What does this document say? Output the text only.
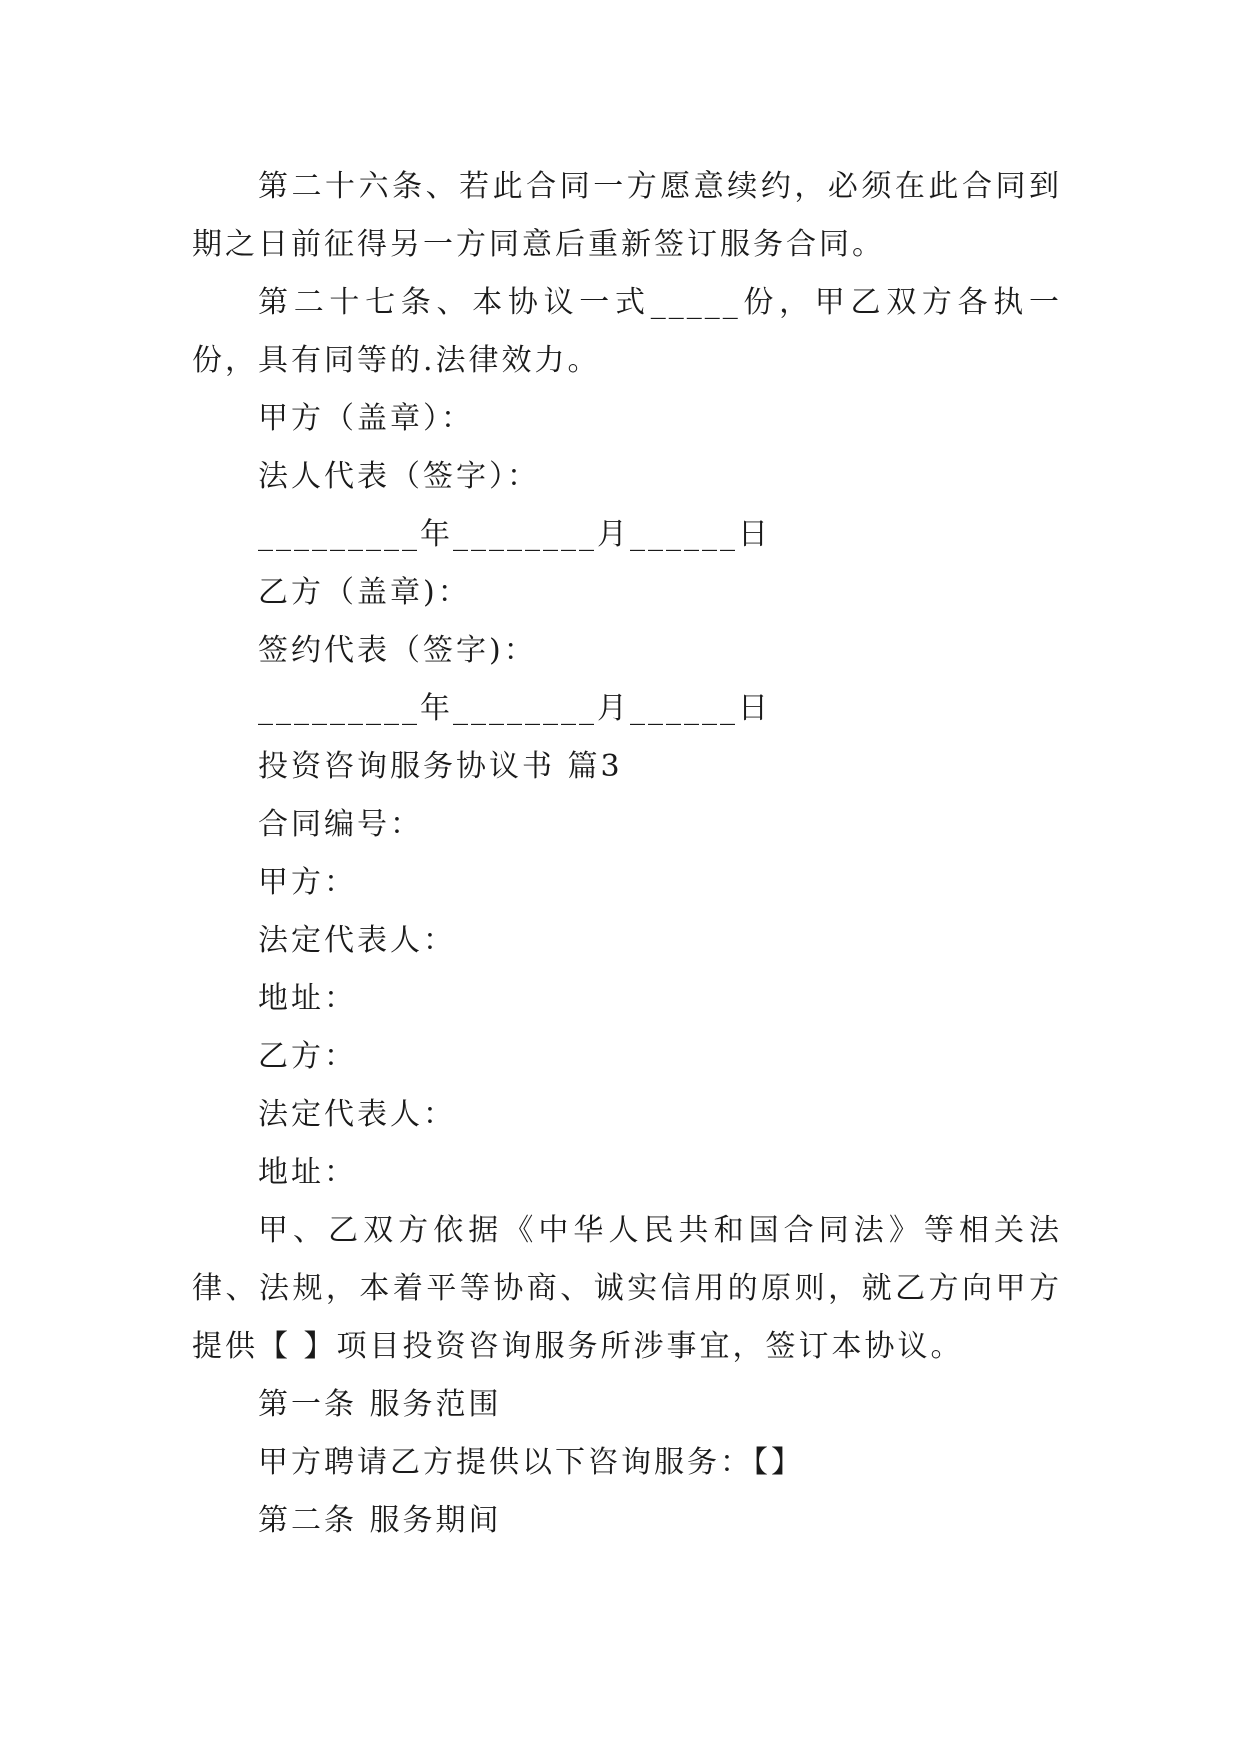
第二十六条、若此合同一方愿意续约，必须在此合同到期之日前征得另一方同意后重新签订服务合同。

第二十七条、本协议一式_____份，甲乙双方各执一份，具有同等的.法律效力。

甲方（盖章）：

法人代表（签字）：

_________年________月______日

乙方（盖章)：

签约代表（签字)：

_________年________月______日

投资咨询服务协议书 篇3

合同编号：

甲方：

法定代表人：

地址：

乙方：

法定代表人：

地址：

甲、乙双方依据《中华人民共和国合同法》等相关法律、法规，本着平等协商、诚实信用的原则，就乙方向甲方提供【 】项目投资咨询服务所涉事宜，签订本协议。

第一条 服务范围

甲方聘请乙方提供以下咨询服务：【】

第二条 服务期间
